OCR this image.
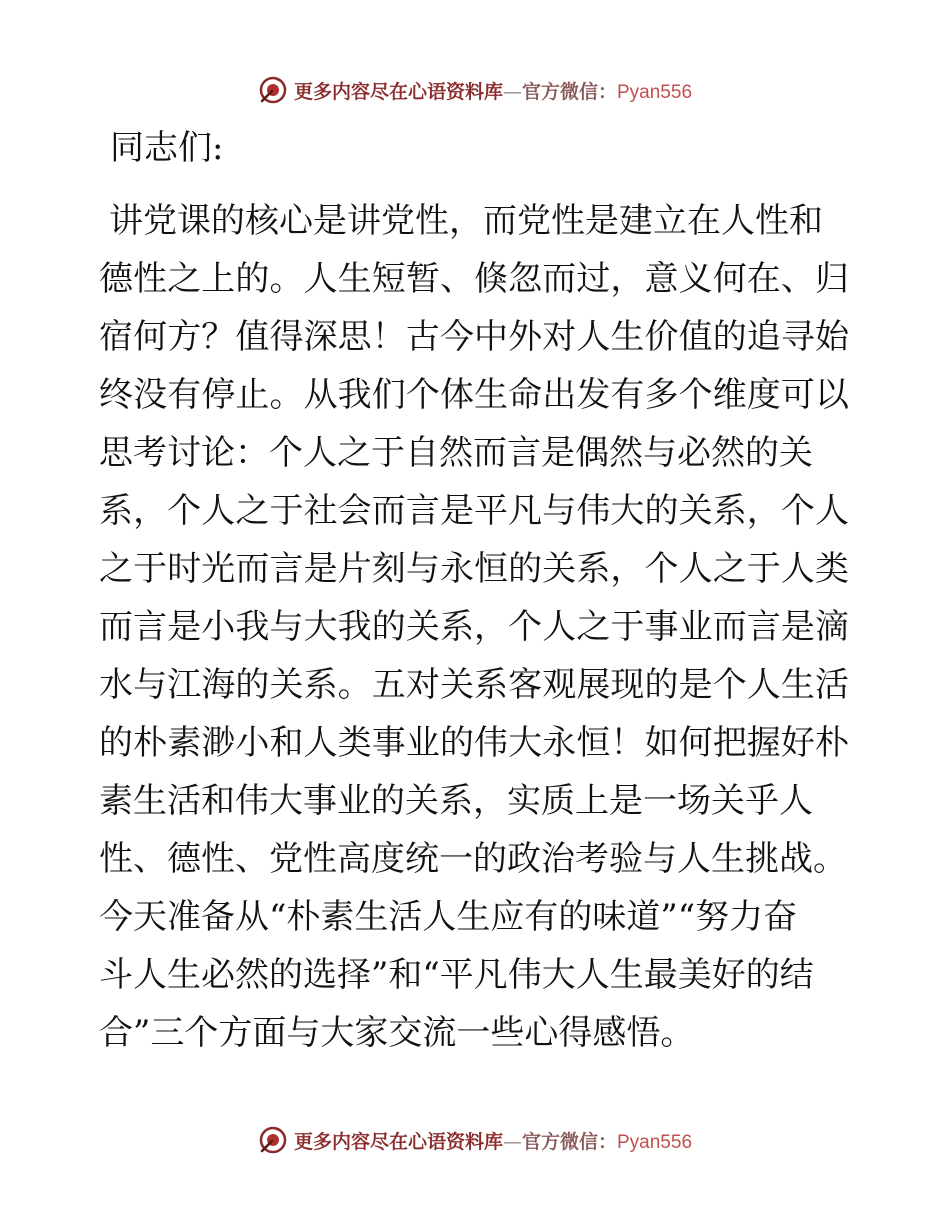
更多内容尽在心语资料库—官方微信：Pyan556
同志们:
讲党课的核心是讲党性，而党性是建立在人性和
德性之上的。人生短暂、倏忽而过，意义何在、归
宿何方？值得深思！古今中外对人生价值的追寻始
终没有停止。从我们个体生命出发有多个维度可以
思考讨论：个人之于自然而言是偶然与必然的关
系，个人之于社会而言是平凡与伟大的关系，个人
之于时光而言是片刻与永恒的关系，个人之于人类
而言是小我与大我的关系，个人之于事业而言是滴
水与江海的关系。五对关系客观展现的是个人生活
的朴素渺小和人类事业的伟大永恒！如何把握好朴
素生活和伟大事业的关系，实质上是一场关乎人
性、德性、党性高度统一的政治考验与人生挑战。
今天准备从“朴素生活人生应有的味道”“努力奋
斗人生必然的选择”和“平凡伟大人生最美好的结
合”三个方面与大家交流一些心得感悟。
更多内容尽在心语资料库—官方微信：Pyan556
